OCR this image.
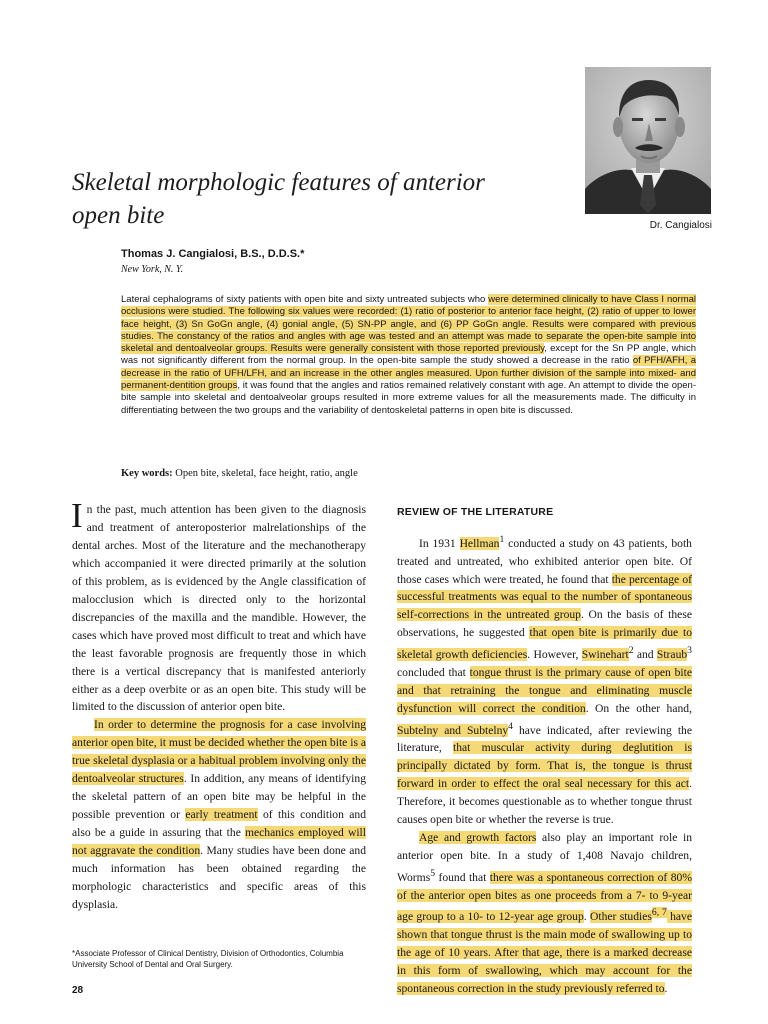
Skeletal morphologic features of anterior
open bite	Dr. Cangialosi
Thomas J. Cangialosi, B.S., D.D.S.*
New York, N. Y.
Lateral cephalograms of sixty patients with open bite and sixty untreated subjects who were determined clinically to have Class I normal occlusions were studied. The following six values were recorded: (1) ratio of posterior to anterior face height, (2) ratio of upper to lower face height, (3) Sn GoGn angle, (4) gonial angle, (5) SN-PP angle, and (6) PP GoGn angle. Results were compared with previous studies. The constancy of the ratios and angles with age was tested and an attempt was made to separate the open-bite sample into skeletal and dentoalveolar groups. Results were generally consistent with those reported previously, except for the Sn PP angle, which was not significantly different from the normal group. In the open-bite sample the study showed a decrease in the ratio of PFH/AFH, a decrease in the ratio of UFH/LFH, and an increase in the other angles measured. Upon further division of the sample into mixed- and permanent-dentition groups, it was found that the angles and ratios remained relatively constant with age. An attempt to divide the open-bite sample into skeletal and dentoalveolar groups resulted in more extreme values for all the measurements made. The difficulty in differentiating between the two groups and the variability of dentoskeletal patterns in open bite is discussed.
Key words: Open bite, skeletal, face height, ratio, angle

In the past, much attention has been given to the diagnosis and treatment of anteroposterior malrelationships of the dental arches. Most of the literature and the mechanotherapy which accompanied it were directed primarily at the solution of this problem, as is evidenced by the Angle classification of malocclusion which is directed only to the horizontal discrepancies of the maxilla and the mandible. However, the cases which have proved most difficult to treat and which have the least favorable prognosis are frequently those in which there is a vertical discrepancy that is manifested anteriorly either as a deep overbite or as an open bite. This study will be limited to the discussion of anterior open bite.

In order to determine the prognosis for a case involving anterior open bite, it must be decided whether the open bite is a true skeletal dysplasia or a habitual problem involving only the dentoalveolar structures. In addition, any means of identifying the skeletal pattern of an open bite may be helpful in the possible prevention or early treatment of this condition and also be a guide in assuring that the mechanics employed will not aggravate the condition. Many studies have been done and much information has been obtained regarding the morphologic characteristics and specific areas of this dysplasia.

REVIEW OF THE LITERATURE

In 1931 Hellman$^1$ conducted a study on 43 patients, both treated and untreated, who exhibited anterior open bite. Of those cases which were treated, he found that the percentage of successful treatments was equal to the number of spontaneous self-corrections in the untreated group. On the basis of these observations, he suggested that open bite is primarily due to skeletal growth deficiencies. However, Swinehart$^2$ and Straub$^3$ concluded that tongue thrust is the primary cause of open bite and that retraining the tongue and eliminating muscle dysfunction will correct the condition. On the other hand, Subtelny and Subtelny$^4$ have indicated, after reviewing the literature, that muscular activity during deglutition is principally dictated by form. That is, the tongue is thrust forward in order to effect the oral seal necessary for this act. Therefore, it becomes questionable as to whether tongue thrust causes open bite or whether the reverse is true.

Age and growth factors also play an important role in anterior open bite. In a study of 1,408 Navajo children, Worms$^5$ found that there was a spontaneous correction of 80% of the anterior open bites as one proceeds from a 7- to 9-year age group to a 10- to 12-year age group. Other studies$^{6, 7}$ have shown that tongue thrust is the main mode of swallowing up to the age of 10 years. After that age, there is a marked decrease in this form of swallowing, which may account for the spontaneous correction in the study previously referred to.

*Associate Professor of Clinical Dentistry, Division of Orthodontics, Columbia University School of Dental and Oral Surgery.
28
